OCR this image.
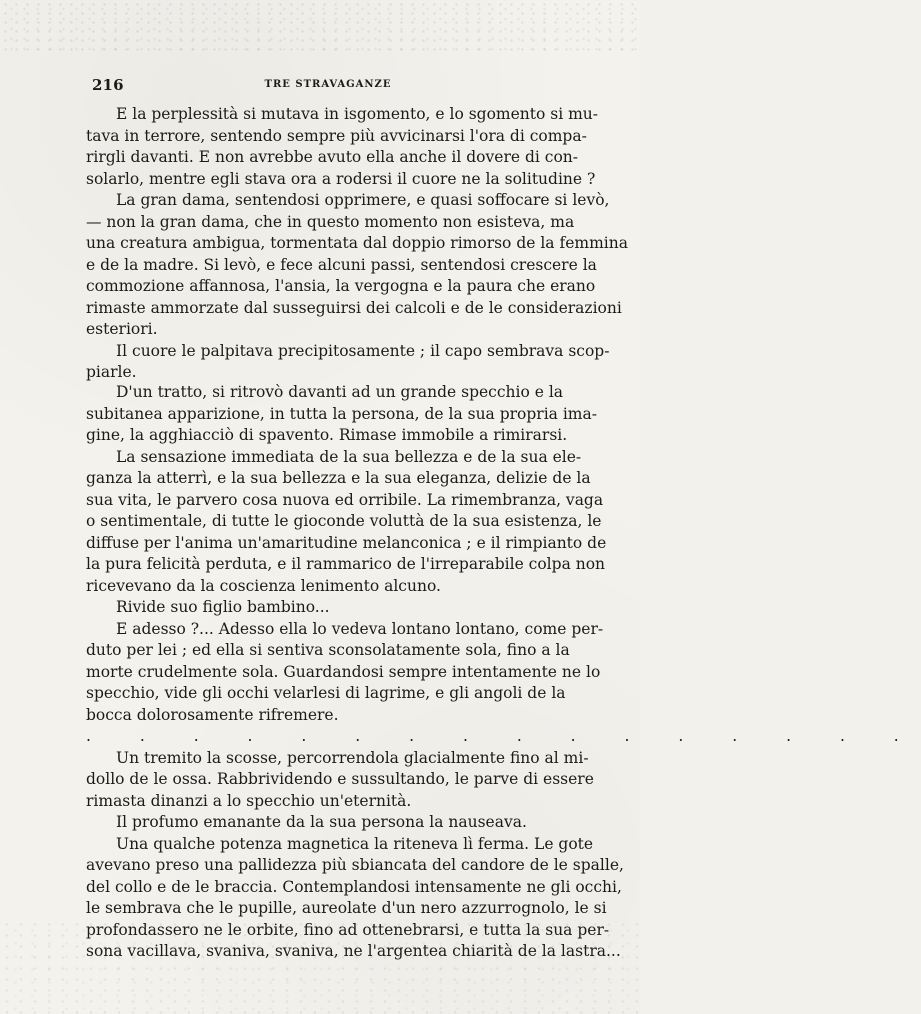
216	TRE STRAVAGANZE
E la perplessità si mutava in isgomento, e lo sgomento si mu-
tava in terrore, sentendo sempre più avvicinarsi l'ora di compa-
rirgli davanti. E non avrebbe avuto ella anche il dovere di con-
solarlo, mentre egli stava ora a rodersi il cuore ne la solitudine ?
La gran dama, sentendosi opprimere, e quasi soffocare si levò,
— non la gran dama, che in questo momento non esisteva, ma
una creatura ambigua, tormentata dal doppio rimorso de la femmina
e de la madre. Si levò, e fece alcuni passi, sentendosi crescere la
commozione affannosa, l'ansia, la vergogna e la paura che erano
rimaste ammorzate dal susseguirsi dei calcoli e de le considerazioni
esteriori.
Il cuore le palpitava precipitosamente ; il capo sembrava scop-
piarle.
D'un tratto, si ritrovò davanti ad un grande specchio e la
subitanea apparizione, in tutta la persona, de la sua propria ima-
gine, la agghiacciò di spavento. Rimase immobile a rimirarsi.
La sensazione immediata de la sua bellezza e de la sua ele-
ganza la atterrì, e la sua bellezza e la sua eleganza, delizie de la
sua vita, le parvero cosa nuova ed orribile. La rimembranza, vaga
o sentimentale, di tutte le gioconde voluttà de la sua esistenza, le
diffuse per l'anima un'amaritudine melanconica ; e il rimpianto de
la pura felicità perduta, e il rammarico de l'irreparabile colpa non
ricevevano da la coscienza lenimento alcuno.
Rivide suo figlio bambino...
E adesso ?... Adesso ella lo vedeva lontano lontano, come per-
duto per lei ; ed ella si sentiva sconsolatamente sola, fino a la
morte crudelmente sola. Guardandosi sempre intentamente ne lo
specchio, vide gli occhi velarlesi di lagrime, e gli angoli de la
bocca dolorosamente rifremere.
. . . . . . . . . . . . . . . .
Un tremito la scosse, percorrendola glacialmente fino al mi-
dollo de le ossa. Rabbrividendo e sussultando, le parve di essere
rimasta dinanzi a lo specchio un'eternità.
Il profumo emanante da la sua persona la nauseava.
Una qualche potenza magnetica la riteneva lì ferma. Le gote
avevano preso una pallidezza più sbiancata del candore de le spalle,
del collo e de le braccia. Contemplandosi intensamente ne gli occhi,
le sembrava che le pupille, aureolate d'un nero azzurrognolo, le si
profondassero ne le orbite, fino ad ottenebrarsi, e tutta la sua per-
sona vacillava, svaniva, svaniva, ne l'argentea chiarità de la lastra...
